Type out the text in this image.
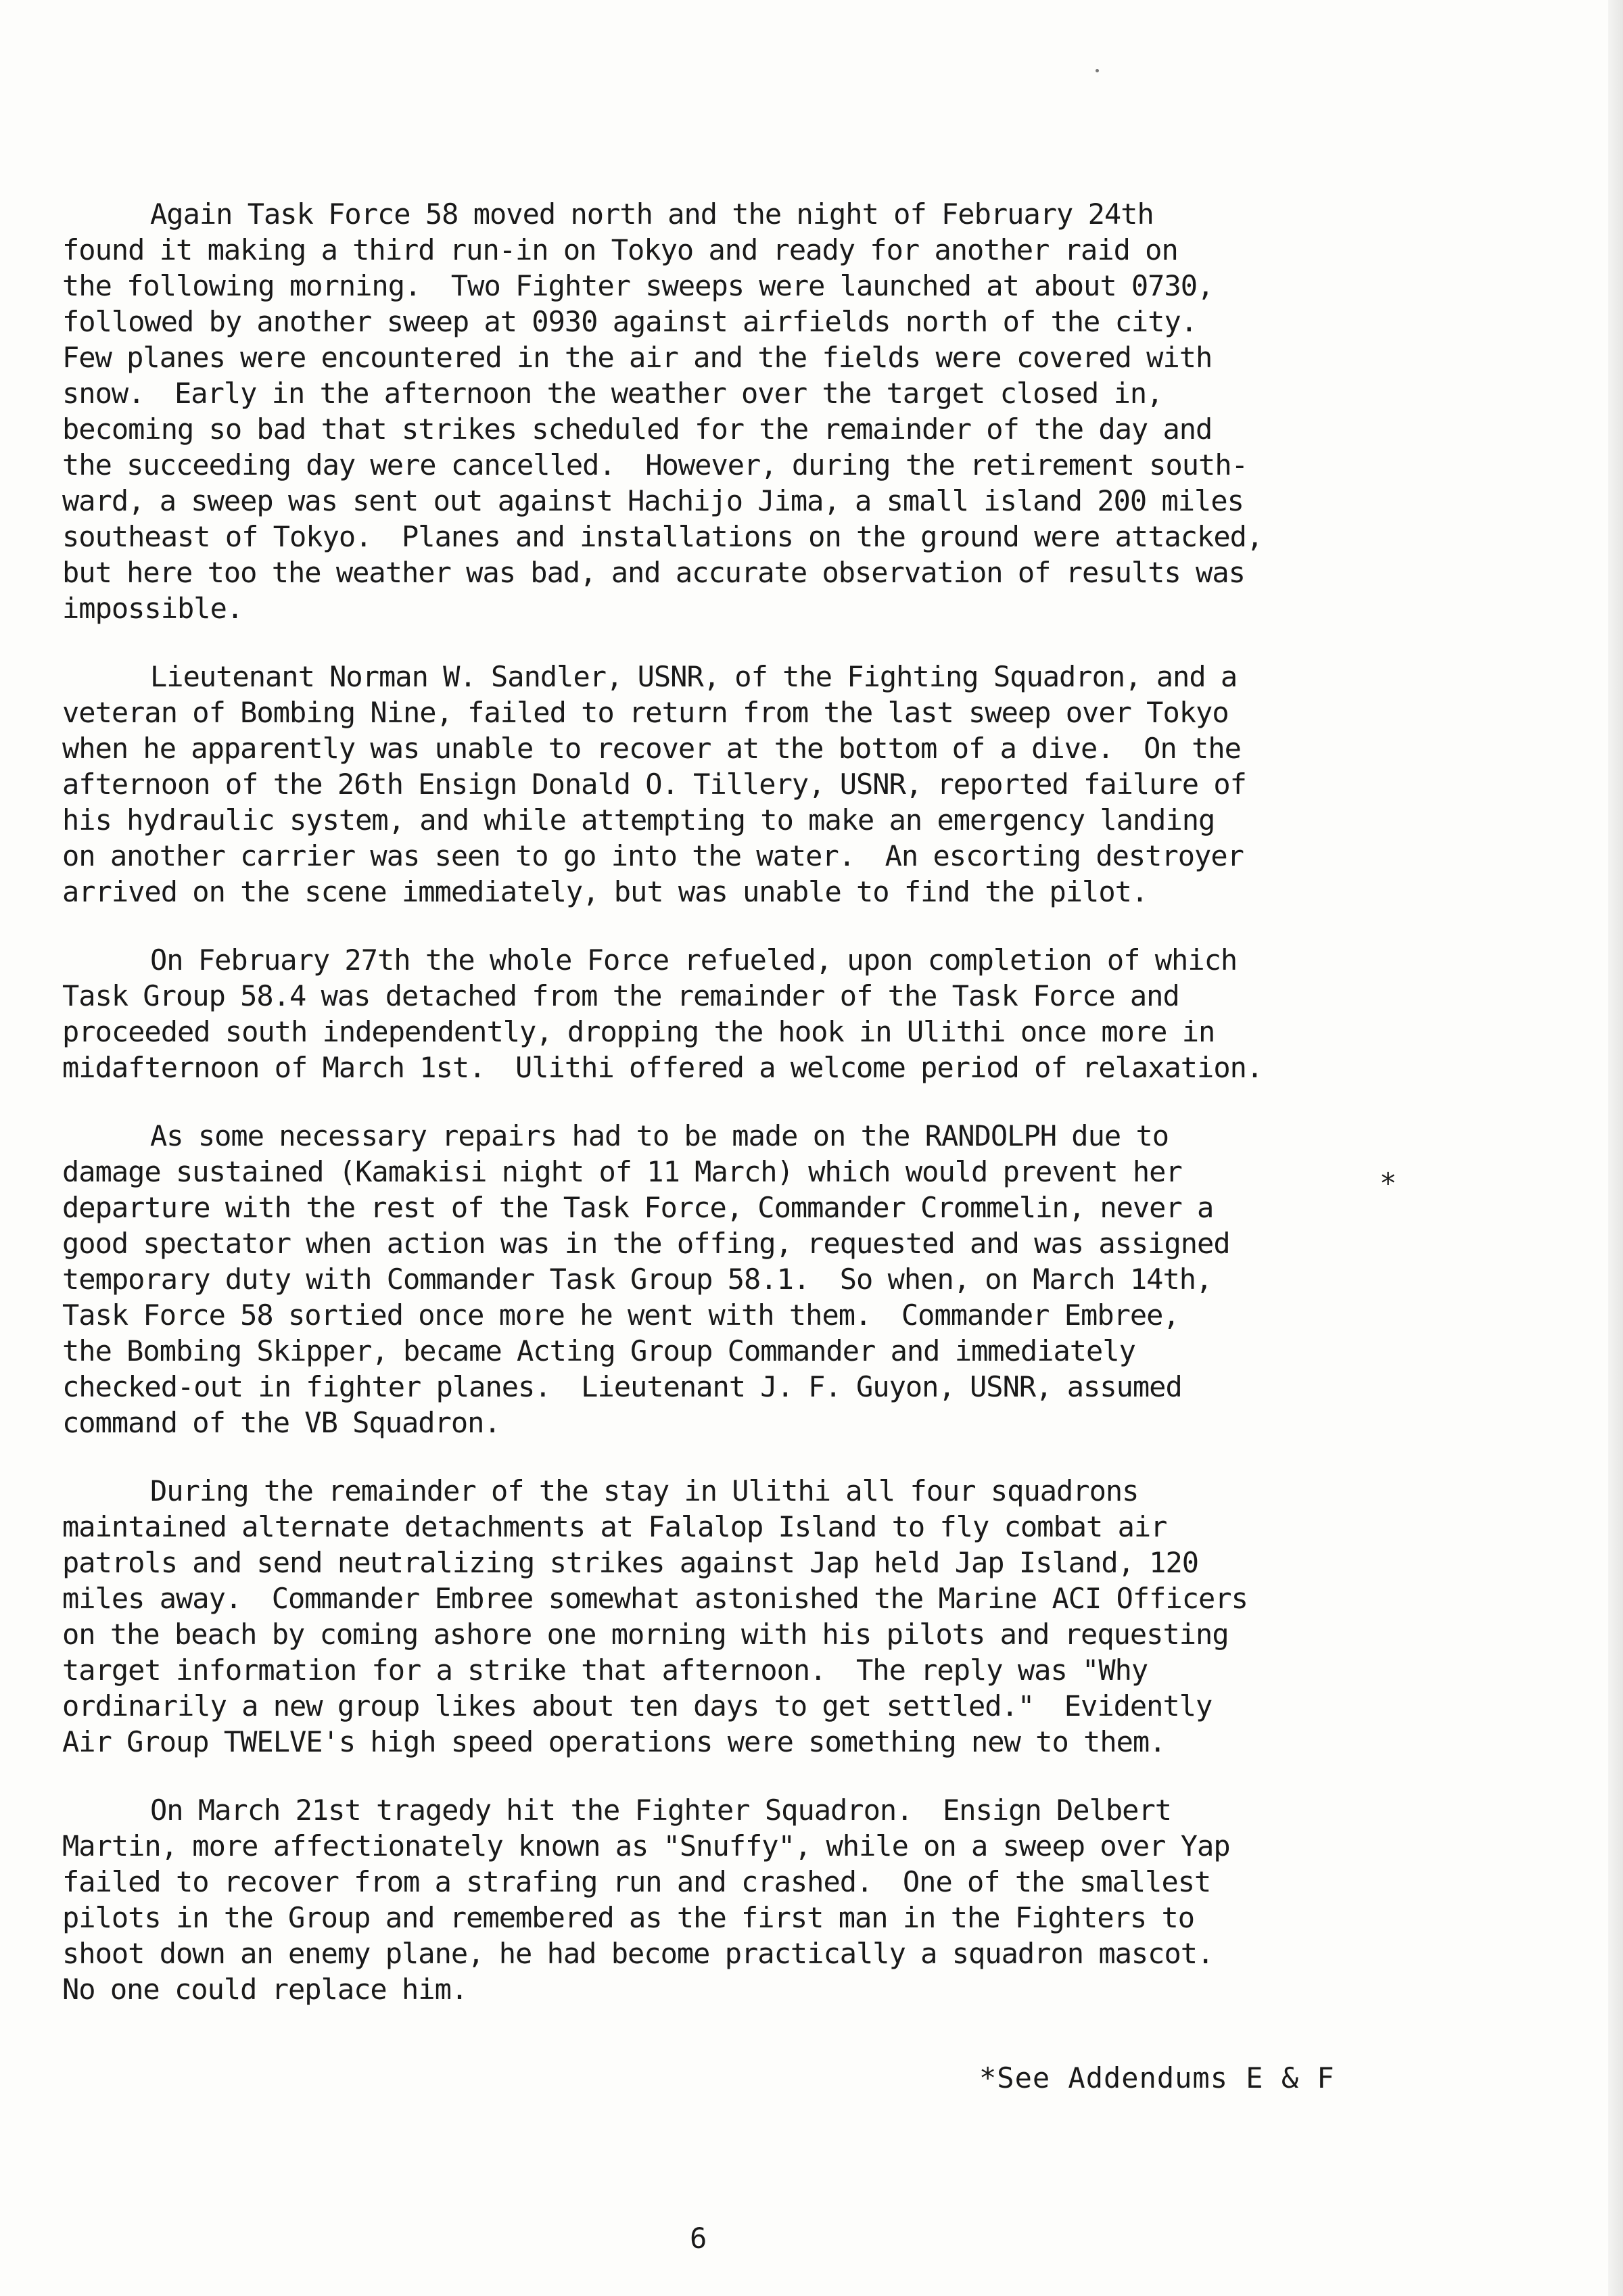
Again Task Force 58 moved north and the night of February 24th
found it making a third run-in on Tokyo and ready for another raid on
the following morning.  Two Fighter sweeps were launched at about 0730,
followed by another sweep at 0930 against airfields north of the city.
Few planes were encountered in the air and the fields were covered with
snow.  Early in the afternoon the weather over the target closed in,
becoming so bad that strikes scheduled for the remainder of the day and
the succeeding day were cancelled.  However, during the retirement south-
ward, a sweep was sent out against Hachijo Jima, a small island 200 miles
southeast of Tokyo.  Planes and installations on the ground were attacked,
but here too the weather was bad, and accurate observation of results was
impossible.

Lieutenant Norman W. Sandler, USNR, of the Fighting Squadron, and a
veteran of Bombing Nine, failed to return from the last sweep over Tokyo
when he apparently was unable to recover at the bottom of a dive.  On the
afternoon of the 26th Ensign Donald O. Tillery, USNR, reported failure of
his hydraulic system, and while attempting to make an emergency landing
on another carrier was seen to go into the water.  An escorting destroyer
arrived on the scene immediately, but was unable to find the pilot.

On February 27th the whole Force refueled, upon completion of which
Task Group 58.4 was detached from the remainder of the Task Force and
proceeded south independently, dropping the hook in Ulithi once more in
midafternoon of March 1st.  Ulithi offered a welcome period of relaxation.

As some necessary repairs had to be made on the RANDOLPH due to
damage sustained (Kamakisi night of 11 March) which would prevent her
departure with the rest of the Task Force, Commander Crommelin, never a
good spectator when action was in the offing, requested and was assigned
temporary duty with Commander Task Group 58.1.  So when, on March 14th,
Task Force 58 sortied once more he went with them.  Commander Embree,
the Bombing Skipper, became Acting Group Commander and immediately
checked-out in fighter planes.  Lieutenant J. F. Guyon, USNR, assumed
command of the VB Squadron.

During the remainder of the stay in Ulithi all four squadrons
maintained alternate detachments at Falalop Island to fly combat air
patrols and send neutralizing strikes against Jap held Jap Island, 120
miles away.  Commander Embree somewhat astonished the Marine ACI Officers
on the beach by coming ashore one morning with his pilots and requesting
target information for a strike that afternoon.  The reply was "Why
ordinarily a new group likes about ten days to get settled."  Evidently
Air Group TWELVE's high speed operations were something new to them.

On March 21st tragedy hit the Fighter Squadron.  Ensign Delbert
Martin, more affectionately known as "Snuffy", while on a sweep over Yap
failed to recover from a strafing run and crashed.  One of the smallest
pilots in the Group and remembered as the first man in the Fighters to
shoot down an enemy plane, he had become practically a squadron mascot.
No one could replace him.

*
*See Addendums E & F
6
